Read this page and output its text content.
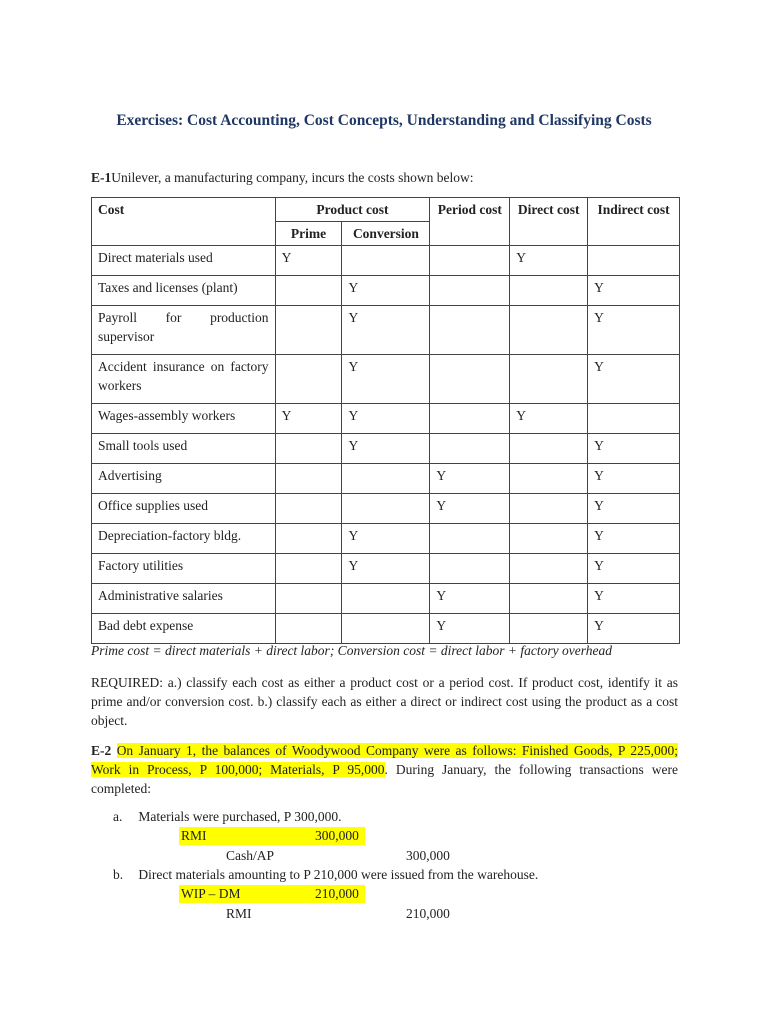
Exercises: Cost Accounting, Cost Concepts, Understanding and Classifying Costs
E-1Unilever, a manufacturing company, incurs the costs shown below:
Cost	Product cost		Period cost	Direct cost	Indirect cost
	Prime	Conversion			
Direct materials used	Y			Y	
Taxes and licenses (plant)		Y			Y
Payroll for production supervisor		Y			Y
Accident insurance on factory workers		Y			Y
Wages-assembly workers	Y	Y		Y	
Small tools used		Y			Y
Advertising			Y		Y
Office supplies used			Y		Y
Depreciation-factory bldg.		Y			Y
Factory utilities		Y			Y
Administrative salaries			Y		Y
Bad debt expense			Y		Y
Prime cost = direct materials + direct labor; Conversion cost = direct labor + factory overhead
REQUIRED: a.) classify each cost as either a product cost or a period cost. If product cost, identify it as prime and/or conversion cost. b.) classify each as either a direct or indirect cost using the product as a cost object.
E-2 On January 1, the balances of Woodywood Company were as follows: Finished Goods, P 225,000; Work in Process, P 100,000; Materials, P 95,000. During January, the following transactions were completed:
a. Materials were purchased, P 300,000.
RMI	300,000
Cash/AP	300,000
b. Direct materials amounting to P 210,000 were issued from the warehouse.
WIP – DM	210,000
RMI	210,000
